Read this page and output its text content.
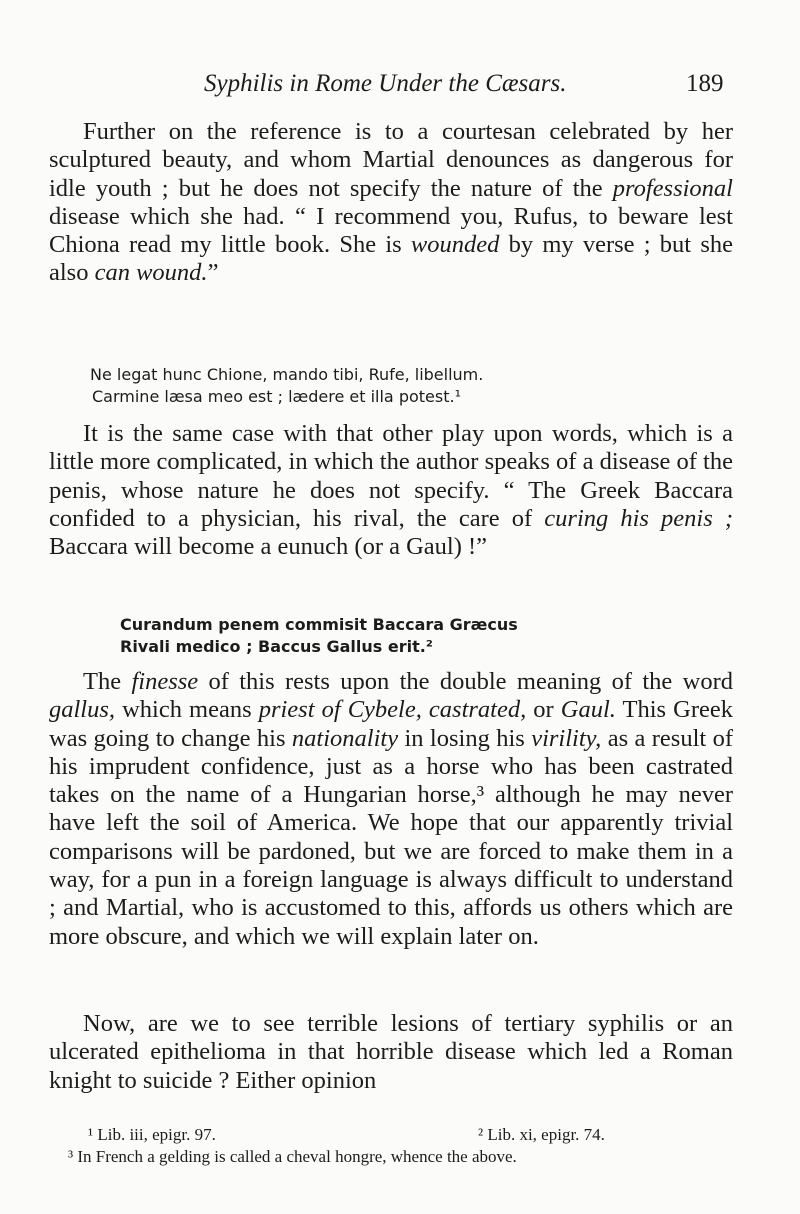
Syphilis in Rome Under the Cæsars.	189
Further on the reference is to a courtesan celebrated by her sculptured beauty, and whom Martial denounces as dangerous for idle youth ; but he does not specify the nature of the professional disease which she had. “ I recommend you, Rufus, to beware lest Chiona read my little book. She is wounded by my verse ; but she also can wound.”
Ne legat hunc Chione, mando tibi, Rufe, libellum.
Carmine læsa meo est ; lædere et illa potest.¹
It is the same case with that other play upon words, which is a little more complicated, in which the author speaks of a disease of the penis, whose nature he does not specify. “ The Greek Baccara confided to a physician, his rival, the care of curing his penis ; Baccara will become a eunuch (or a Gaul) !”
Curandum penem commisit Baccara Græcus
Rivali medico ; Baccus Gallus erit.²
The finesse of this rests upon the double meaning of the word gallus, which means priest of Cybele, castrated, or Gaul. This Greek was going to change his nationality in losing his virility, as a result of his imprudent confidence, just as a horse who has been castrated takes on the name of a Hungarian horse,³ although he may never have left the soil of America. We hope that our apparently trivial comparisons will be pardoned, but we are forced to make them in a way, for a pun in a foreign language is always difficult to understand ; and Martial, who is accustomed to this, affords us others which are more obscure, and which we will explain later on.
Now, are we to see terrible lesions of tertiary syphilis or an ulcerated epithelioma in that horrible disease which led a Roman knight to suicide ? Either opinion
¹ Lib. iii, epigr. 97.	² Lib. xi, epigr. 74.
³ In French a gelding is called a cheval hongre, whence the above.
